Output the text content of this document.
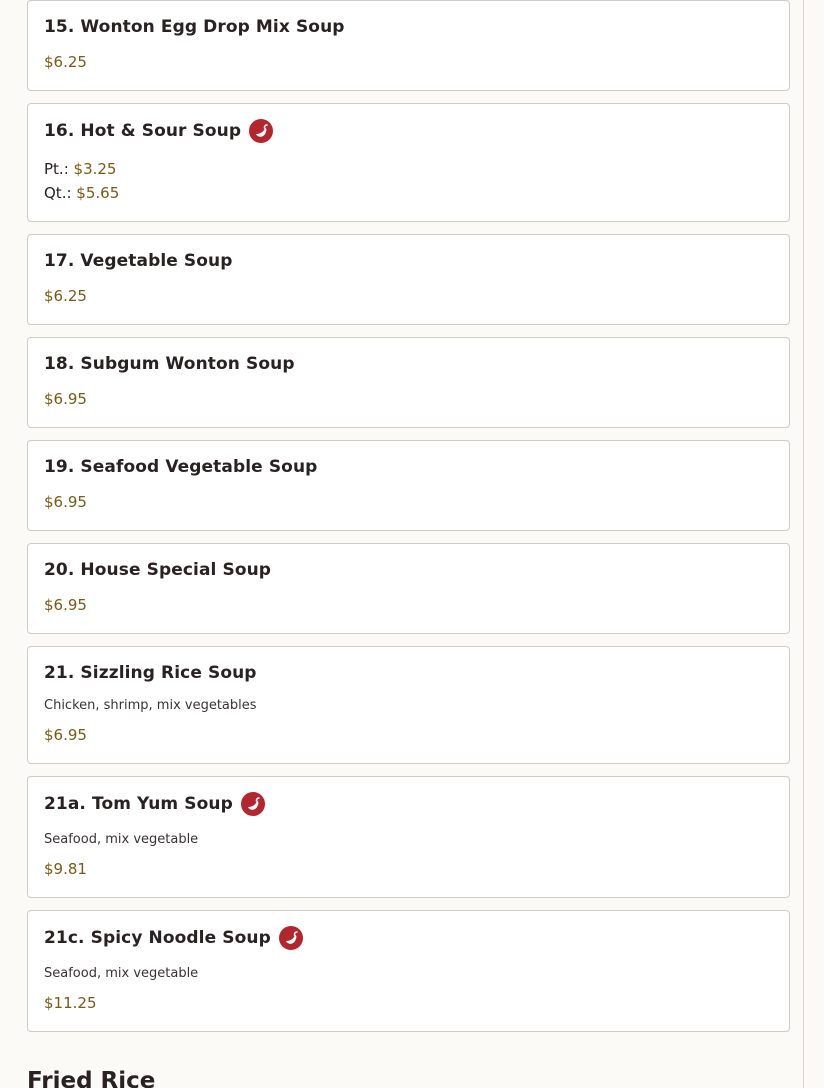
15. Wonton Egg Drop Mix Soup
$6.25
16. Hot & Sour Soup
Pt.: $3.25
Qt.: $5.65
17. Vegetable Soup
$6.25
18. Subgum Wonton Soup
$6.95
19. Seafood Vegetable Soup
$6.95
20. House Special Soup
$6.95
21. Sizzling Rice Soup
Chicken, shrimp, mix vegetables
$6.95
21a. Tom Yum Soup
Seafood, mix vegetable
$9.81
21c. Spicy Noodle Soup
Seafood, mix vegetable
$11.25
Fried Rice
